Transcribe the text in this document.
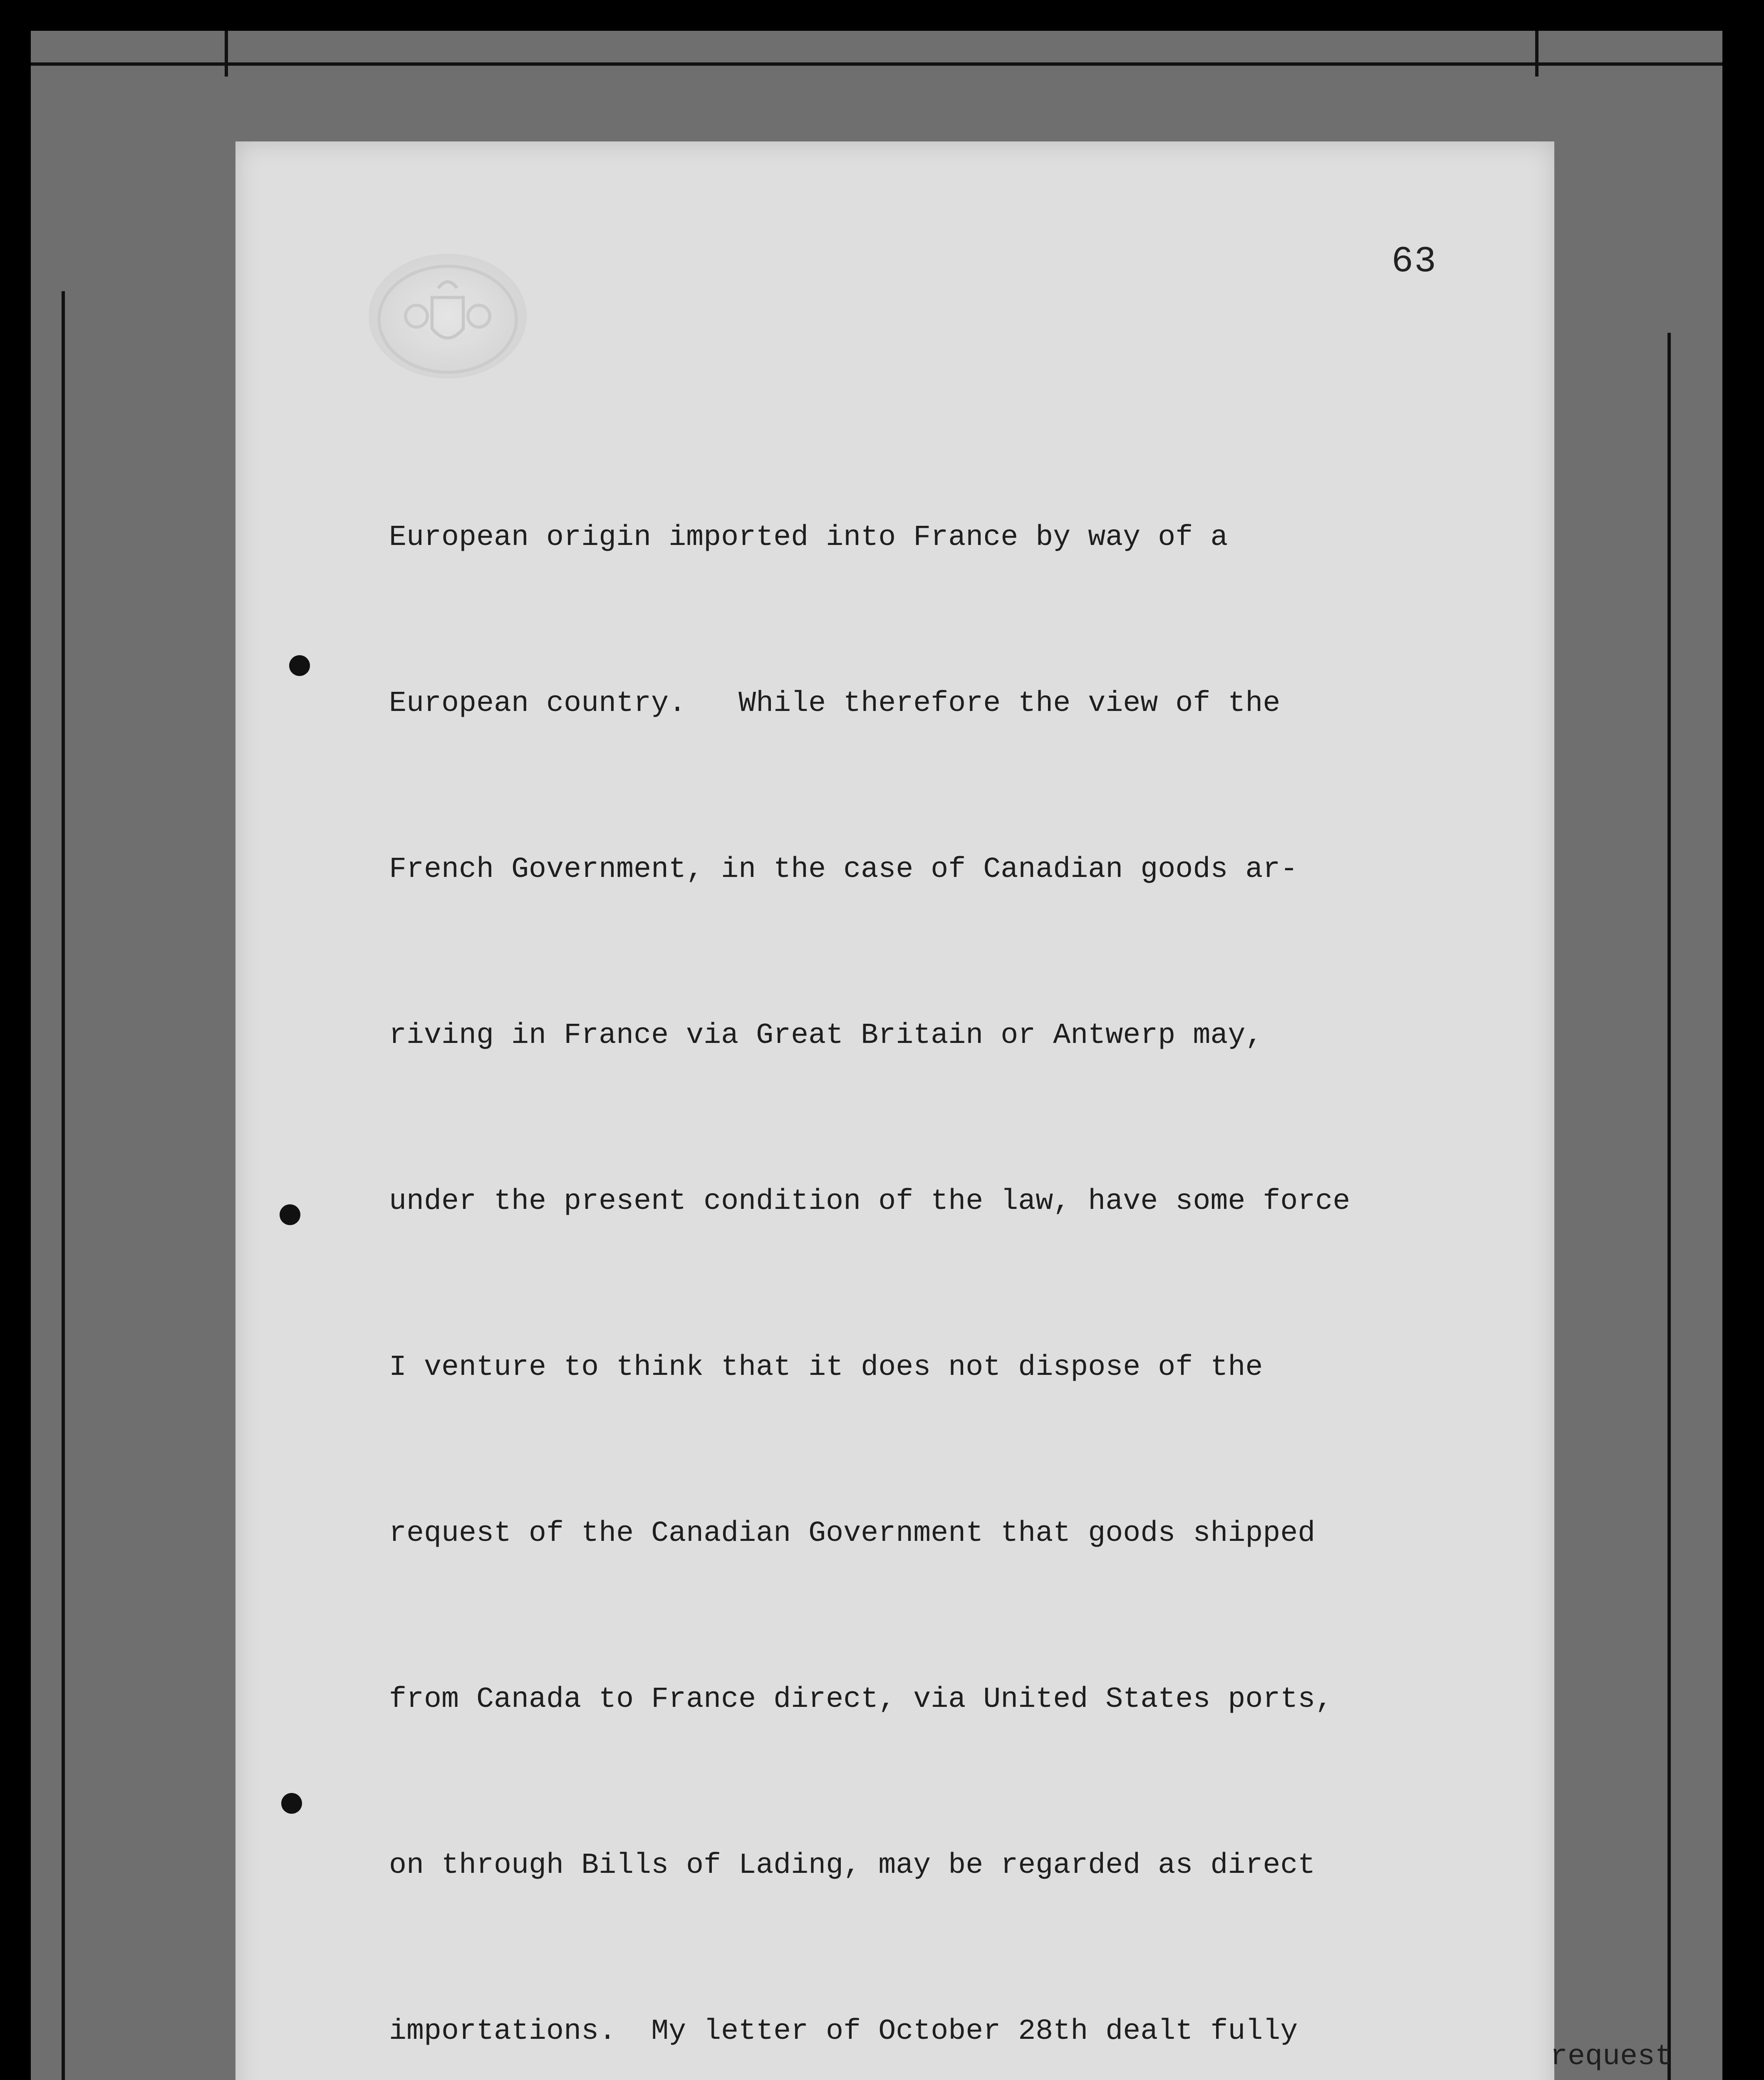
63

European origin imported into France by way of a

European country.   While therefore the view of the

French Government, in the case of Canadian goods ar-

riving in France via Great Britain or Antwerp may,

under the present condition of the law, have some force

I venture to think that it does not dispose of the

request of the Canadian Government that goods shipped

from Canada to France direct, via United States ports,

on through Bills of Lading, may be regarded as direct

importations.  My letter of October 28th dealt fully

request
